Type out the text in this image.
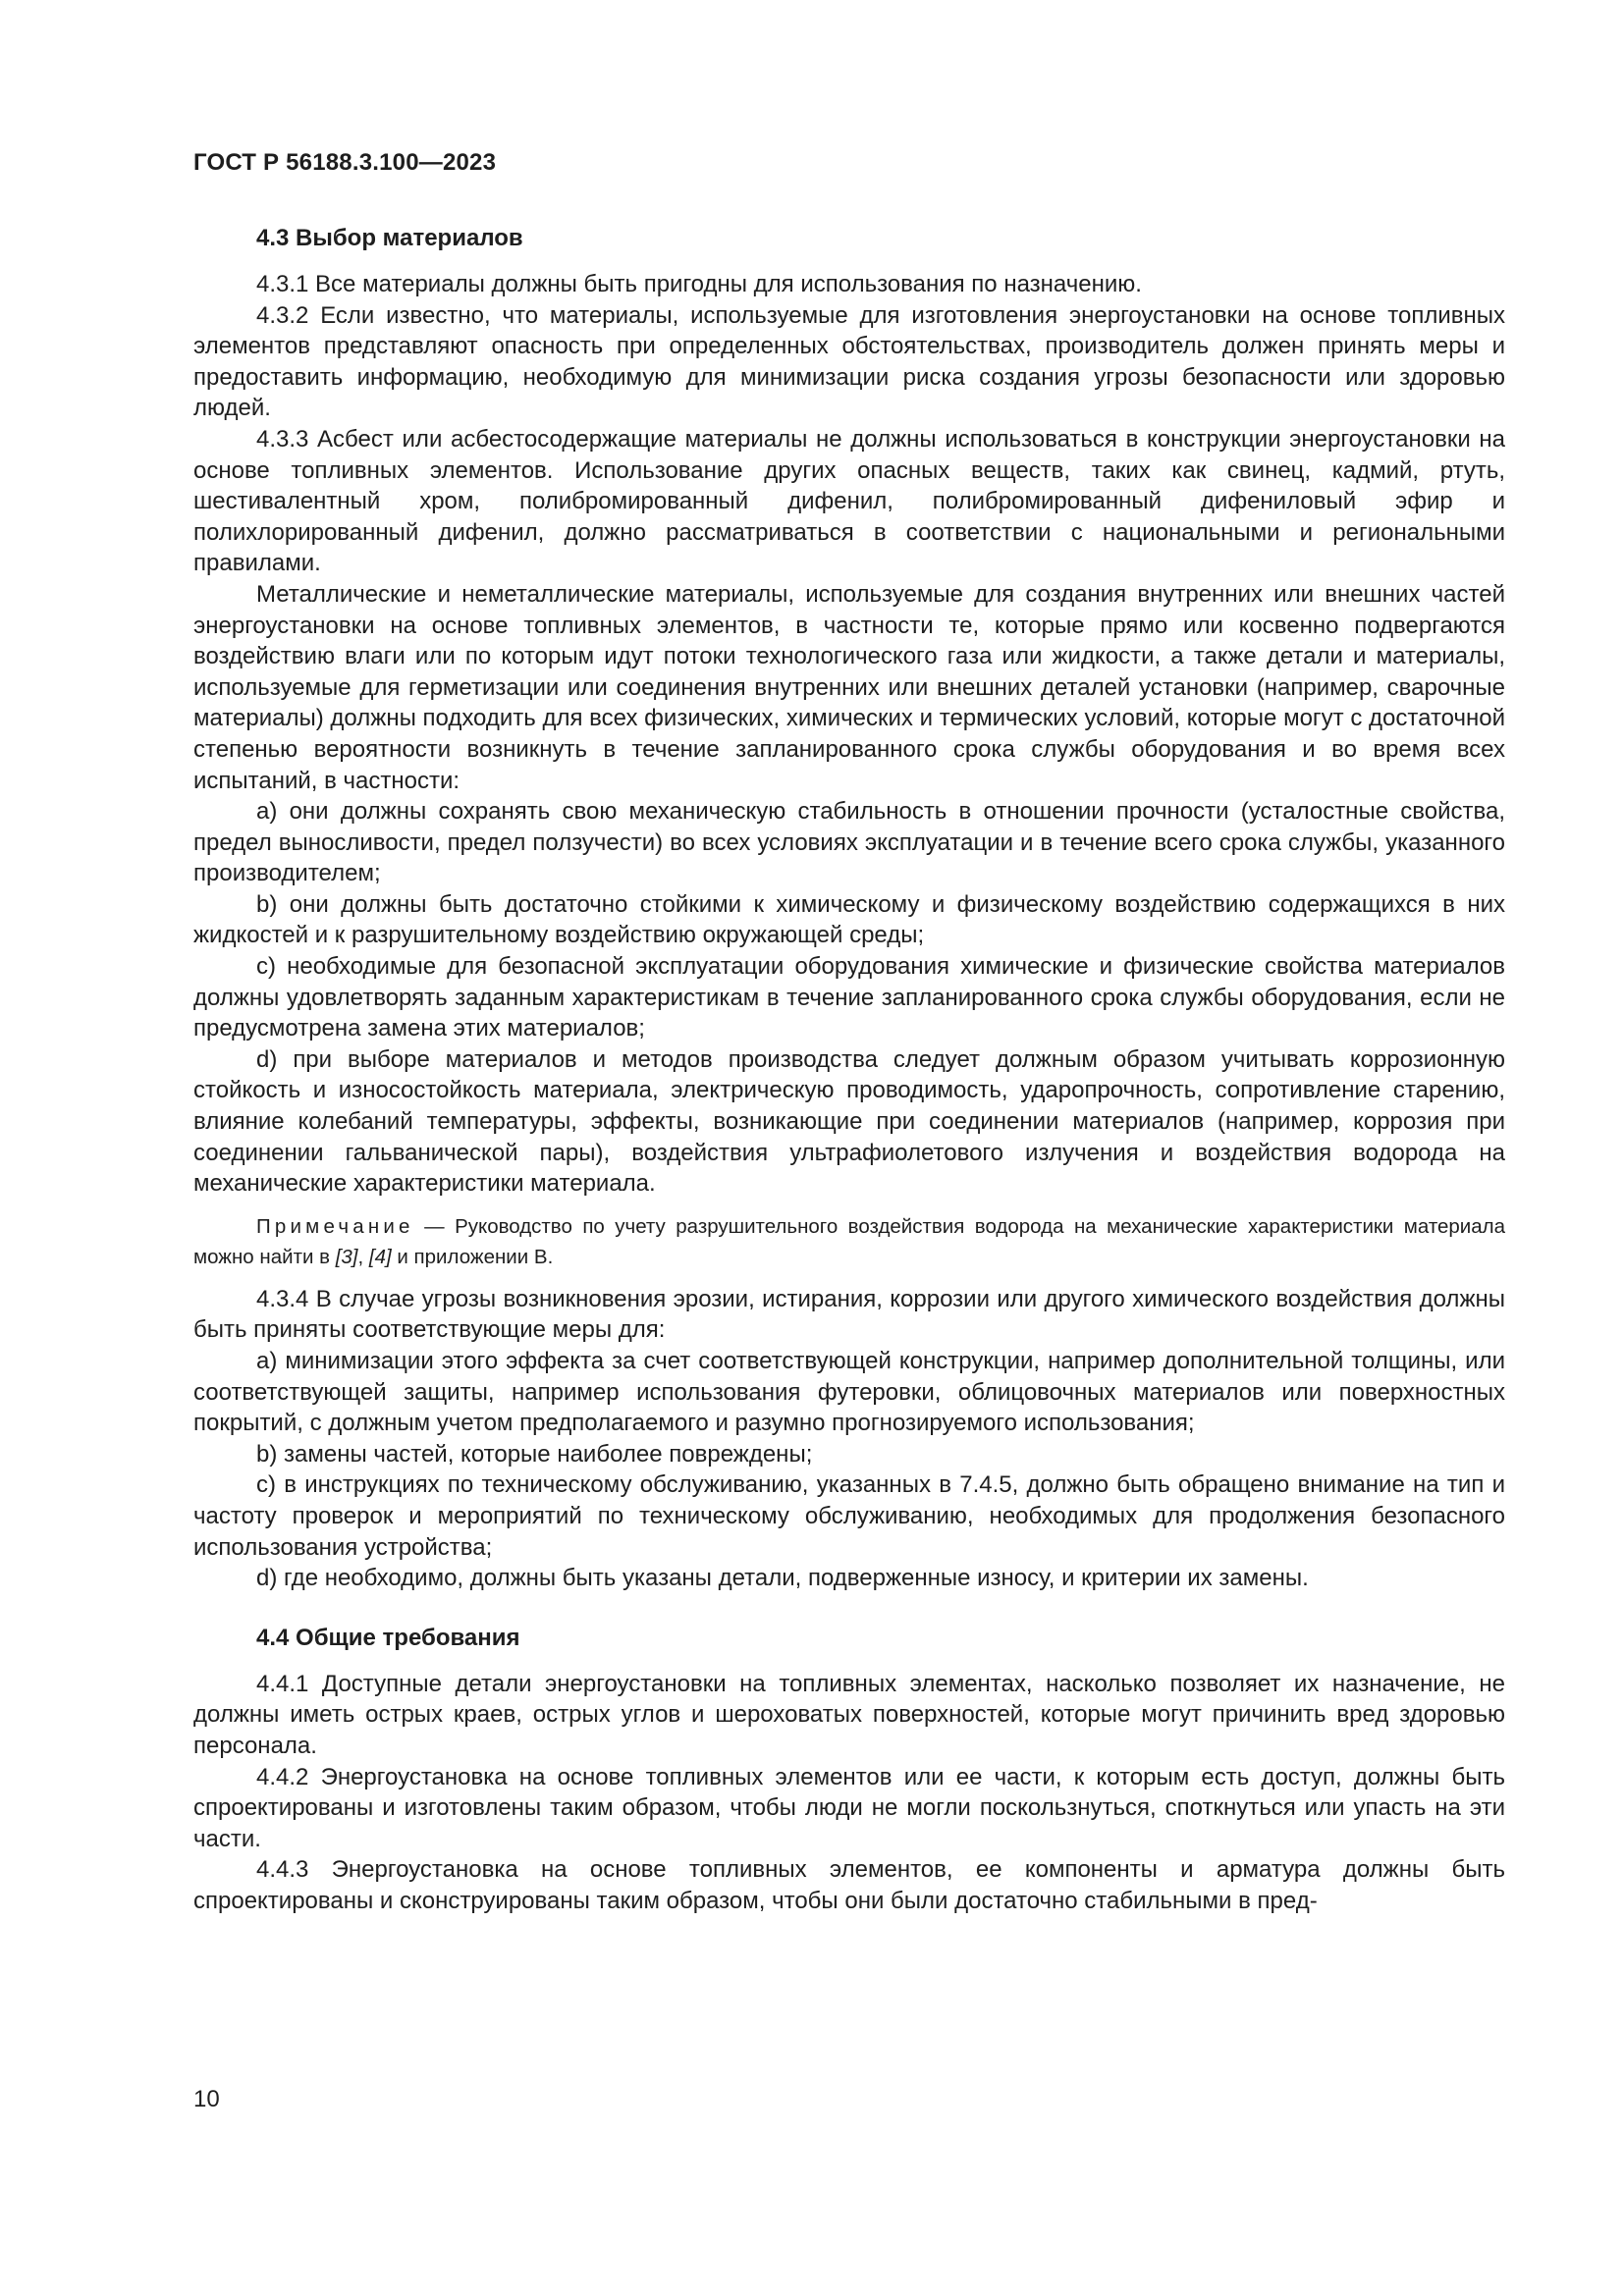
ГОСТ Р 56188.3.100—2023
4.3 Выбор материалов

4.3.1 Все материалы должны быть пригодны для использования по назначению.

4.3.2 Если известно, что материалы, используемые для изготовления энергоустановки на основе топливных элементов представляют опасность при определенных обстоятельствах, производитель должен принять меры и предоставить информацию, необходимую для минимизации риска создания угрозы безопасности или здоровью людей.

4.3.3 Асбест или асбестосодержащие материалы не должны использоваться в конструкции энергоустановки на основе топливных элементов. Использование других опасных веществ, таких как свинец, кадмий, ртуть, шестивалентный хром, полибромированный дифенил, полибромированный дифениловый эфир и полихлорированный дифенил, должно рассматриваться в соответствии с национальными и региональными правилами.

Металлические и неметаллические материалы, используемые для создания внутренних или внешних частей энергоустановки на основе топливных элементов, в частности те, которые прямо или косвенно подвергаются воздействию влаги или по которым идут потоки технологического газа или жидкости, а также детали и материалы, используемые для герметизации или соединения внутренних или внешних деталей установки (например, сварочные материалы) должны подходить для всех физических, химических и термических условий, которые могут с достаточной степенью вероятности возникнуть в течение запланированного срока службы оборудования и во время всех испытаний, в частности:

a) они должны сохранять свою механическую стабильность в отношении прочности (усталостные свойства, предел выносливости, предел ползучести) во всех условиях эксплуатации и в течение всего срока службы, указанного производителем;

b) они должны быть достаточно стойкими к химическому и физическому воздействию содержащихся в них жидкостей и к разрушительному воздействию окружающей среды;

c) необходимые для безопасной эксплуатации оборудования химические и физические свойства материалов должны удовлетворять заданным характеристикам в течение запланированного срока службы оборудования, если не предусмотрена замена этих материалов;

d) при выборе материалов и методов производства следует должным образом учитывать коррозионную стойкость и износостойкость материала, электрическую проводимость, ударопрочность, сопротивление старению, влияние колебаний температуры, эффекты, возникающие при соединении материалов (например, коррозия при соединении гальванической пары), воздействия ультрафиолетового излучения и воздействия водорода на механические характеристики материала.

Примечание — Руководство по учету разрушительного воздействия водорода на механические характеристики материала можно найти в [3], [4] и приложении В.

4.3.4 В случае угрозы возникновения эрозии, истирания, коррозии или другого химического воздействия должны быть приняты соответствующие меры для:

a) минимизации этого эффекта за счет соответствующей конструкции, например дополнительной толщины, или соответствующей защиты, например использования футеровки, облицовочных материалов или поверхностных покрытий, с должным учетом предполагаемого и разумно прогнозируемого использования;

b) замены частей, которые наиболее повреждены;

c) в инструкциях по техническому обслуживанию, указанных в 7.4.5, должно быть обращено внимание на тип и частоту проверок и мероприятий по техническому обслуживанию, необходимых для продолжения безопасного использования устройства;

d) где необходимо, должны быть указаны детали, подверженные износу, и критерии их замены.

4.4 Общие требования

4.4.1 Доступные детали энергоустановки на топливных элементах, насколько позволяет их назначение, не должны иметь острых краев, острых углов и шероховатых поверхностей, которые могут причинить вред здоровью персонала.

4.4.2 Энергоустановка на основе топливных элементов или ее части, к которым есть доступ, должны быть спроектированы и изготовлены таким образом, чтобы люди не могли поскользнуться, споткнуться или упасть на эти части.

4.4.3 Энергоустановка на основе топливных элементов, ее компоненты и арматура должны быть спроектированы и сконструированы таким образом, чтобы они были достаточно стабильными в пред-

10
